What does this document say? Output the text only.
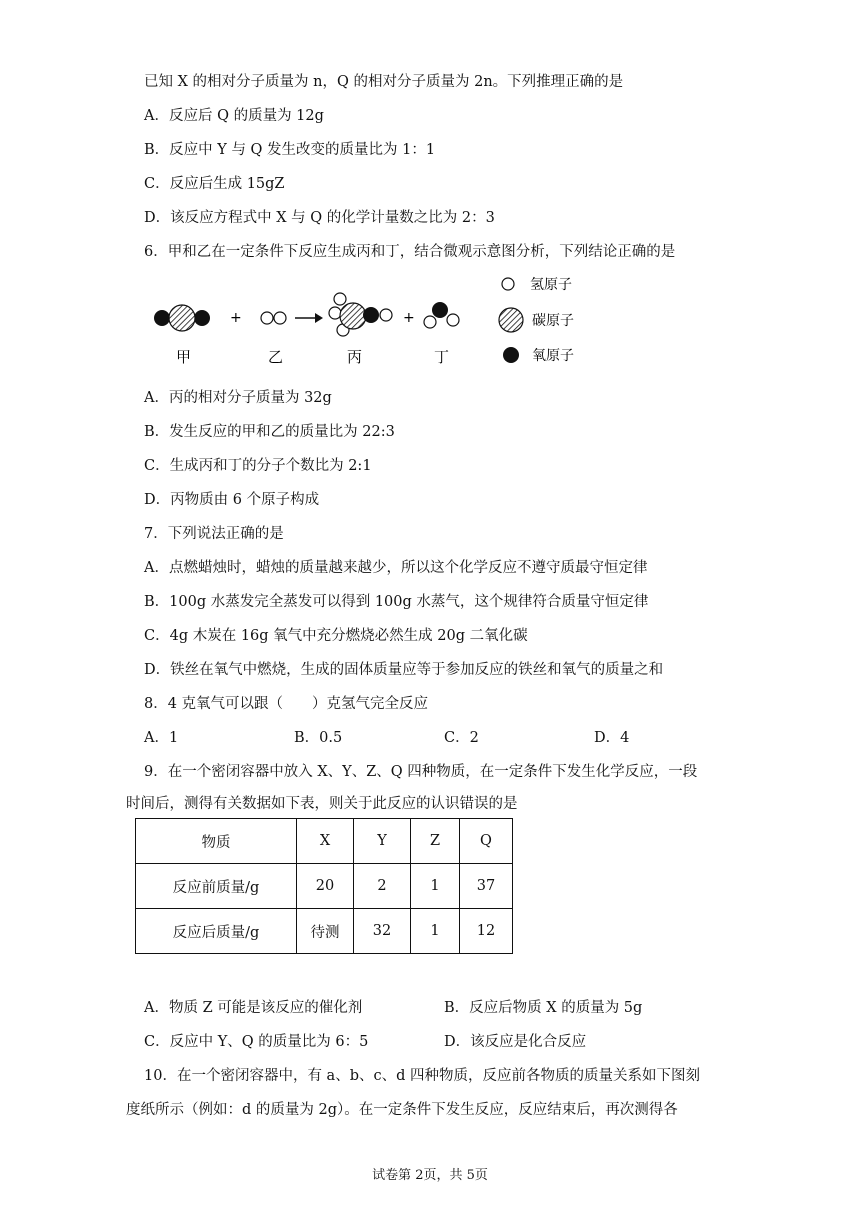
已知 X 的相对分子质量为 n，Q 的相对分子质量为 2n。下列推理正确的是
A．反应后 Q 的质量为 12g
B．反应中 Y 与 Q 发生改变的质量比为 1：1
C．反应后生成 15gZ
D．该反应方程式中 X 与 Q 的化学计量数之比为 2：3
6．甲和乙在一定条件下反应生成丙和丁，结合微观示意图分析，下列结论正确的是
+	+
甲	乙	丙	丁
氢原子
碳原子
氧原子
A．丙的相对分子质量为 32g
B．发生反应的甲和乙的质量比为 22:3
C．生成丙和丁的分子个数比为 2:1
D．丙物质由 6 个原子构成
7．下列说法正确的是
A．点燃蜡烛时，蜡烛的质量越来越少，所以这个化学反应不遵守质最守恒定律
B．100g 水蒸发完全蒸发可以得到 100g 水蒸气，这个规律符合质量守恒定律
C．4g 木炭在 16g 氧气中充分燃烧必然生成 20g 二氧化碳
D．铁丝在氧气中燃烧，生成的固体质量应等于参加反应的铁丝和氧气的质量之和
8．4 克氧气可以跟（　　）克氢气完全反应
A．1	B．0.5	C．2	D．4
9．在一个密闭容器中放入 X、Y、Z、Q 四种物质，在一定条件下发生化学反应，一段
时间后，测得有关数据如下表，则关于此反应的认识错误的是
物质	X	Y	Z	Q
反应前质量/g	20	2	1	37
反应后质量/g	待测	32	1	12
A．物质 Z 可能是该反应的催化剂	B．反应后物质 X 的质量为 5g
C．反应中 Y、Q 的质量比为 6：5	D．该反应是化合反应
10．在一个密闭容器中，有 a、b、c、d 四种物质，反应前各物质的质量关系如下图刻
度纸所示（例如：d 的质量为 2g）。在一定条件下发生反应，反应结束后，再次测得各
试卷第 2页，共 5页
